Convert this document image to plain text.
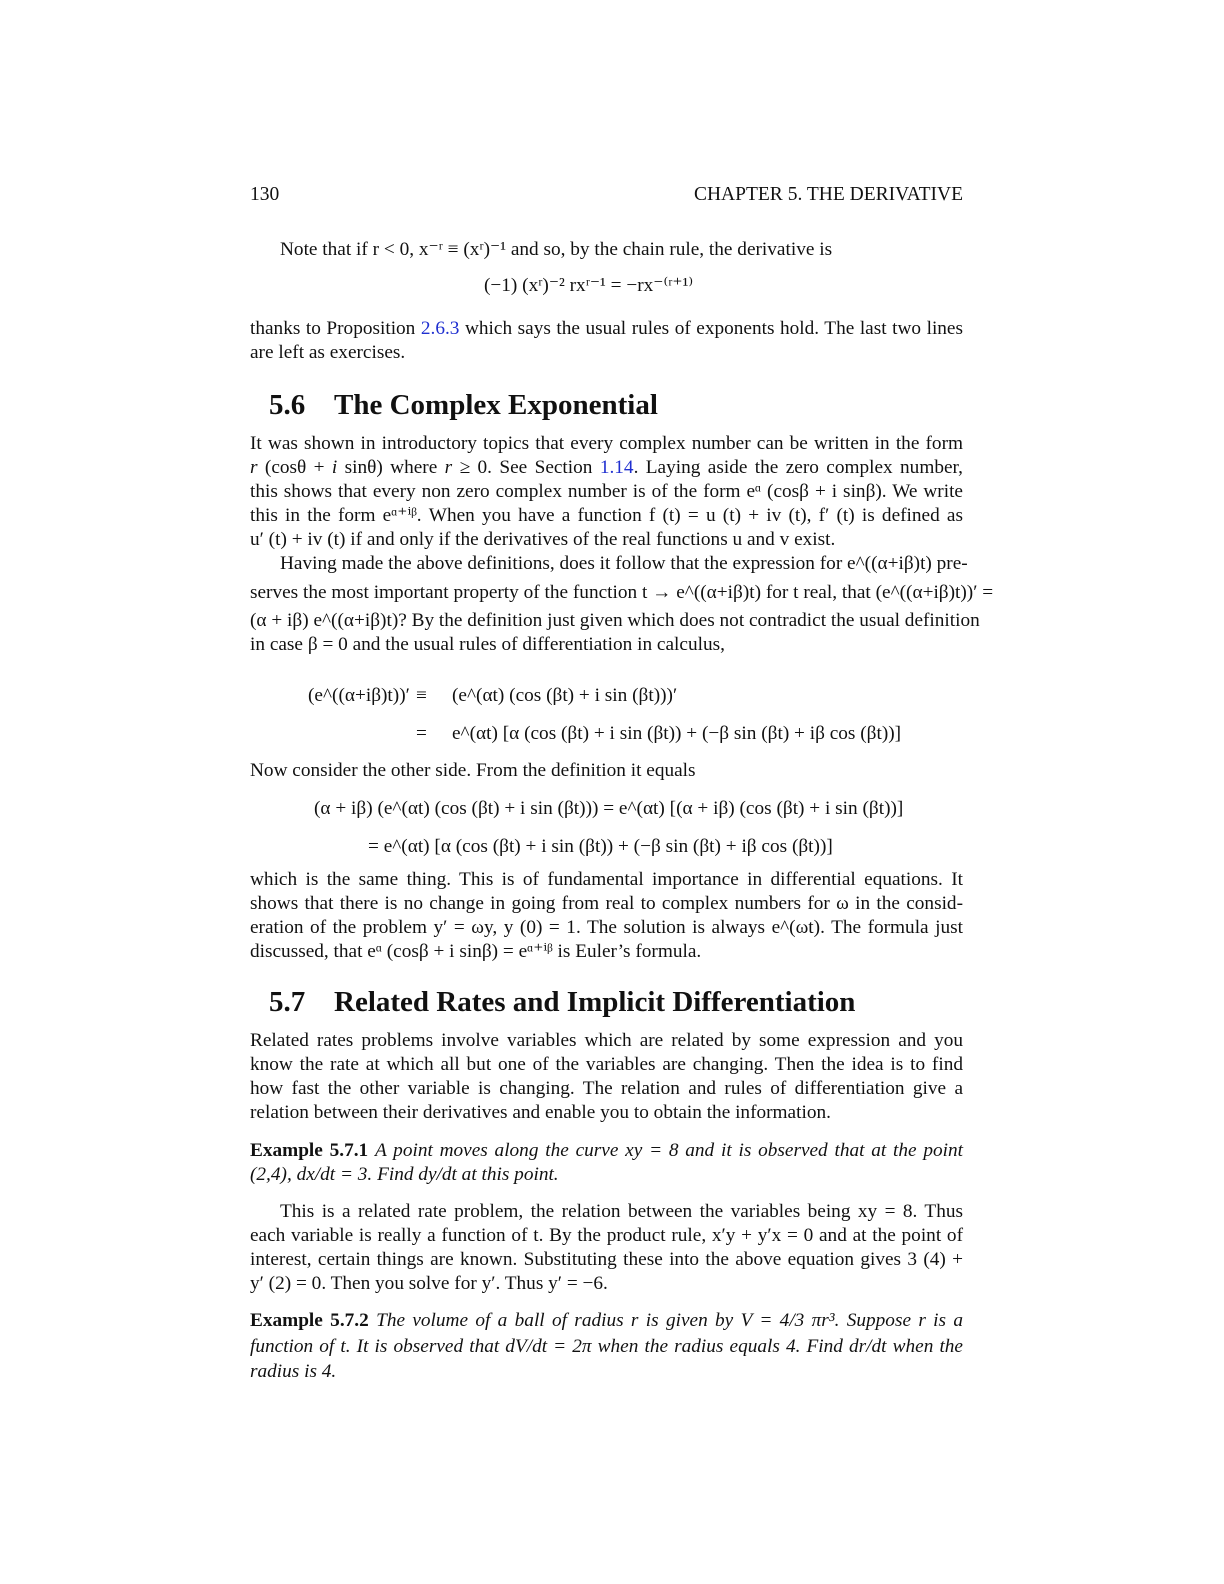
130	CHAPTER 5. THE DERIVATIVE
Note that if r < 0, x⁻ʳ ≡ (xʳ)⁻¹ and so, by the chain rule, the derivative is
(−1) (xʳ)⁻² rxʳ⁻¹ = −rx⁻⁽ʳ⁺¹⁾
thanks to Proposition 2.6.3 which says the usual rules of exponents hold. The last two lines
are left as exercises.
5.6 The Complex Exponential
It was shown in introductory topics that every complex number can be written in the form
r (cosθ + i sinθ) where r ≥ 0. See Section 1.14. Laying aside the zero complex number,
this shows that every non zero complex number is of the form eᵅ (cosβ + i sinβ). We write
this in the form eᵅ⁺ⁱᵝ. When you have a function f (t) = u (t) + iv (t), f′ (t) is defined as
u′ (t) + iv (t) if and only if the derivatives of the real functions u and v exist.
Having made the above definitions, does it follow that the expression for e^((α+iβ)t) pre-
serves the most important property of the function t → e^((α+iβ)t) for t real, that (e^((α+iβ)t))′ =
(α + iβ) e^((α+iβ)t)? By the definition just given which does not contradict the usual definition
in case β = 0 and the usual rules of differentiation in calculus,
(e^((α+iβ)t))′ ≡ (e^(αt) (cos (βt) + i sin (βt)))′
= e^(αt) [α (cos (βt) + i sin (βt)) + (−β sin (βt) + iβ cos (βt))]
Now consider the other side. From the definition it equals
(α + iβ) (e^(αt) (cos (βt) + i sin (βt))) = e^(αt) [(α + iβ) (cos (βt) + i sin (βt))]
= e^(αt) [α (cos (βt) + i sin (βt)) + (−β sin (βt) + iβ cos (βt))]
which is the same thing. This is of fundamental importance in differential equations. It
shows that there is no change in going from real to complex numbers for ω in the consid-
eration of the problem y′ = ωy, y (0) = 1. The solution is always e^(ωt). The formula just
discussed, that eᵅ (cosβ + i sinβ) = eᵅ⁺ⁱᵝ is Euler’s formula.
5.7 Related Rates and Implicit Differentiation
Related rates problems involve variables which are related by some expression and you
know the rate at which all but one of the variables are changing. Then the idea is to find
how fast the other variable is changing. The relation and rules of differentiation give a
relation between their derivatives and enable you to obtain the information.
Example 5.7.1 A point moves along the curve xy = 8 and it is observed that at the point
(2,4), dx/dt = 3. Find dy/dt at this point.
This is a related rate problem, the relation between the variables being xy = 8. Thus
each variable is really a function of t. By the product rule, x′y + y′x = 0 and at the point of
interest, certain things are known. Substituting these into the above equation gives 3 (4) +
y′ (2) = 0. Then you solve for y′. Thus y′ = −6.
Example 5.7.2 The volume of a ball of radius r is given by V = 4/3 πr³. Suppose r is a
function of t. It is observed that dV/dt = 2π when the radius equals 4. Find dr/dt when the
radius is 4.
